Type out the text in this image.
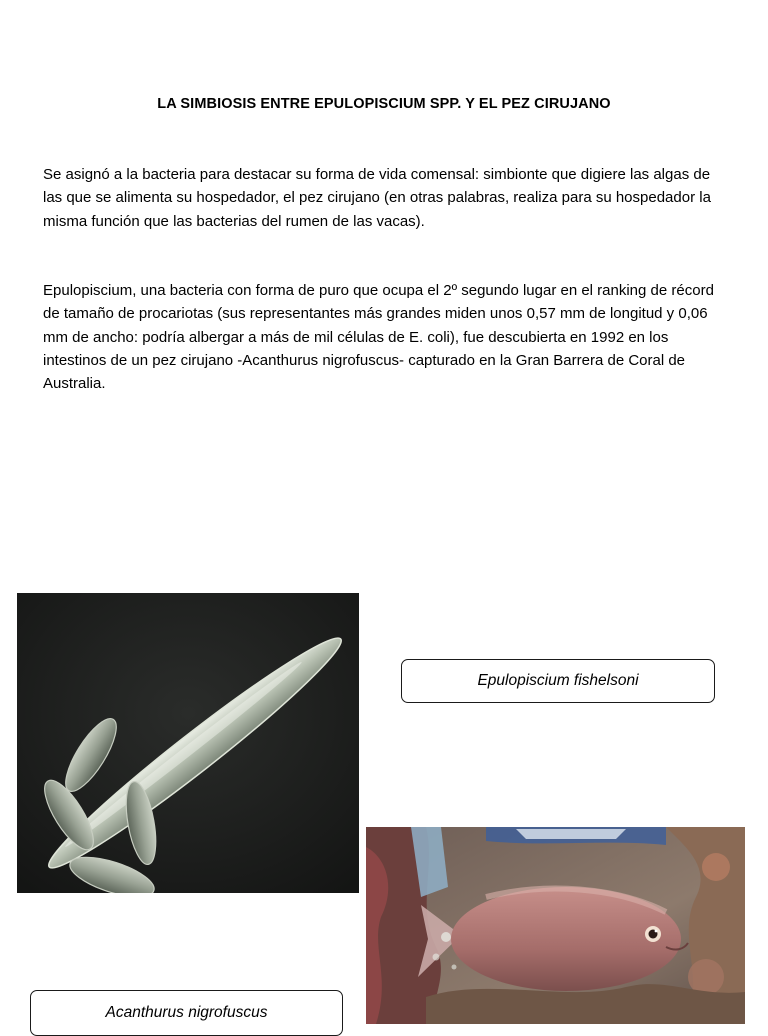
LA SIMBIOSIS ENTRE EPULOPISCIUM SPP. Y EL PEZ CIRUJANO

Se asignó a la bacteria para destacar su forma de vida comensal: simbionte que digiere las algas de las que se alimenta su hospedador, el pez cirujano (en otras palabras, realiza para su hospedador la misma función que las bacterias del rumen de las vacas).

Epulopiscium, una bacteria con forma de puro que ocupa el 2º segundo lugar en el ranking de récord de tamaño de procariotas (sus representantes más grandes miden unos 0,57 mm de longitud y 0,06 mm de ancho: podría albergar a más de mil células de E. coli), fue descubierta en 1992 en los intestinos de un pez cirujano -Acanthurus nigrofuscus- capturado en la Gran Barrera de Coral de Australia.

Epulopiscium fishelsoni
Acanthurus nigrofuscus
